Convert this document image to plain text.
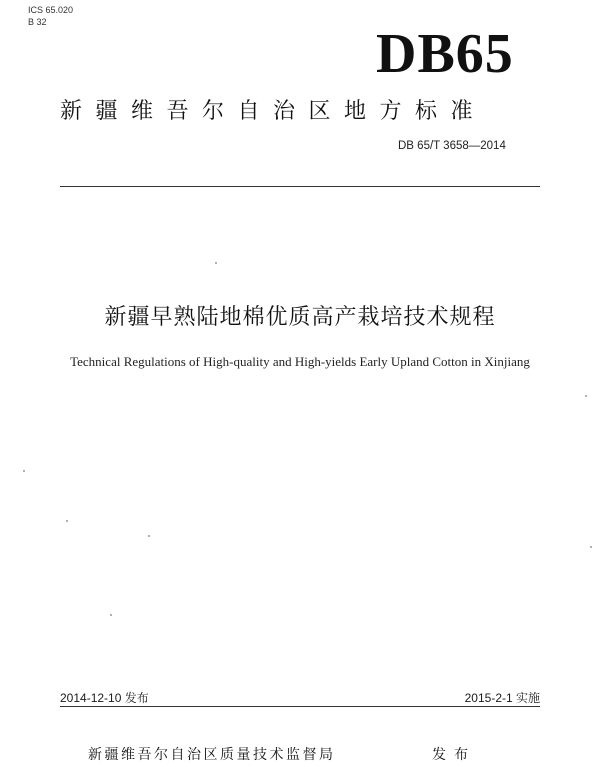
ICS 65.020
B 32
DB65
新疆维吾尔自治区地方标准
DB 65/T 3658—2014
新疆早熟陆地棉优质高产栽培技术规程
Technical Regulations of High-quality and High-yields Early Upland Cotton in Xinjiang
2014-12-10 发布	2015-2-1 实施
新疆维吾尔自治区质量技术监督局	发布
